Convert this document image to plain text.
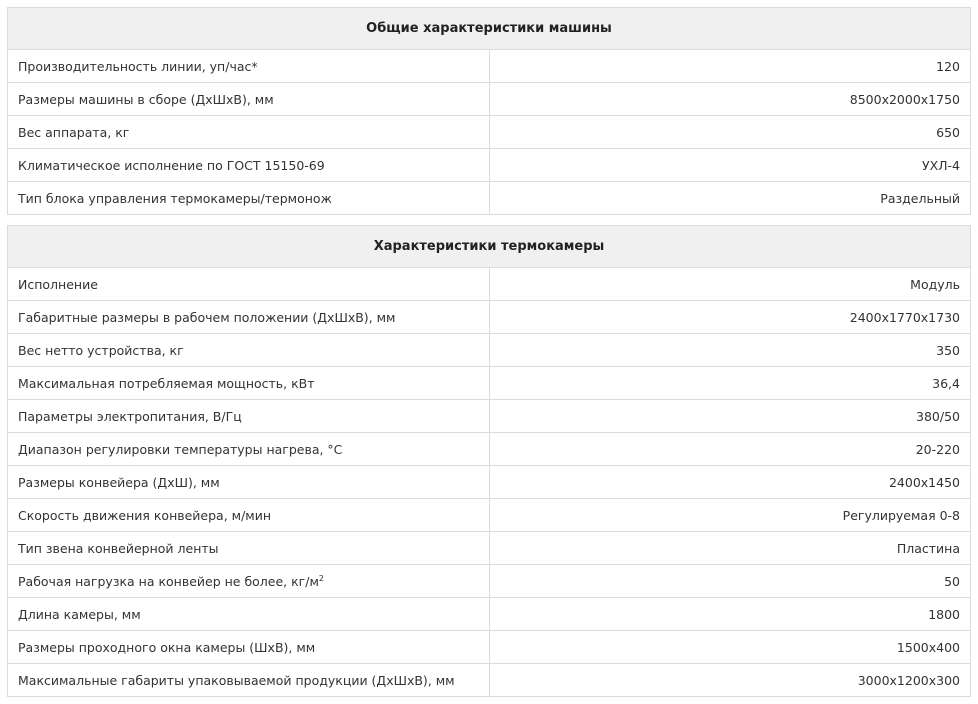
Общие характеристики машины	
Производительность линии, уп/час*	120
Размеры машины в сборе (ДхШхВ), мм	8500x2000x1750
Вес аппарата, кг	650
Климатическое исполнение по ГОСТ 15150-69	УХЛ-4
Тип блока управления термокамеры/термонож	Раздельный
Характеристики термокамеры	
Исполнение	Модуль
Габаритные размеры в рабочем положении (ДхШхВ), мм	2400x1770x1730
Вес нетто устройства, кг	350
Максимальная потребляемая мощность, кВт	36,4
Параметры электропитания, В/Гц	380/50
Диапазон регулировки температуры нагрева, °C	20-220
Размеры конвейера (ДхШ), мм	2400x1450
Скорость движения конвейера, м/мин	Регулируемая 0-8
Тип звена конвейерной ленты	Пластина
Рабочая нагрузка на конвейер не более, $кг/м^2$	50
Длина камеры, мм	1800
Размеры проходного окна камеры (ШхВ), мм	1500x400
Максимальные габариты упаковываемой продукции (ДхШхВ), мм	3000x1200x300
